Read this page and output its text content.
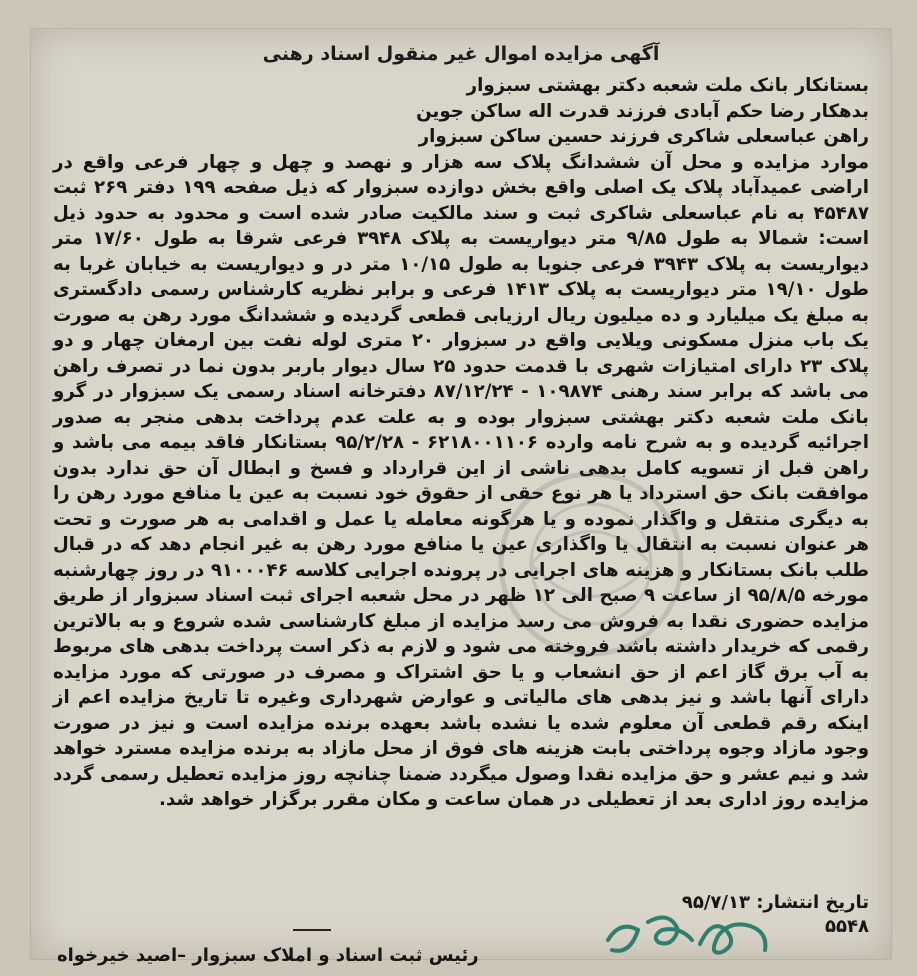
آگهی مزایده اموال غیر منقول اسناد رهنی

بستانکار بانک ملت شعبه دکتر بهشتی سبزوار

بدهکار رضا حکم آبادی فرزند قدرت اله ساکن جوین

راهن عباسعلی شاکری فرزند حسین ساکن سبزوار

موارد مزایده و محل آن ششدانگ پلاک سه هزار و نهصد و چهل و چهار فرعی واقع در اراضی عمیدآباد پلاک یک اصلی واقع بخش دوازده سبزوار که ذیل صفحه ۱۹۹ دفتر ۲۶۹ ثبت ۴۵۴۸۷ به نام عباسعلی شاکری ثبت و سند مالکیت صادر شده است و محدود به حدود ذیل است: شمالا به طول ۹/۸۵ متر دیواریست به پلاک ۳۹۴۸ فرعی شرقا به طول ۱۷/۶۰ متر دیواریست به پلاک ۳۹۴۳ فرعی جنوبا به طول ۱۰/۱۵ متر در و دیواریست به خیابان غربا به طول ۱۹/۱۰ متر دیواریست به پلاک ۱۴۱۳ فرعی و برابر نظریه کارشناس رسمی دادگستری به مبلغ یک میلیارد و ده میلیون ریال ارزیابی قطعی گردیده و ششدانگ مورد رهن به صورت یک باب منزل مسکونی ویلایی واقع در سبزوار ۲۰ متری لوله نفت بین ارمغان چهار و دو پلاک ۲۳ دارای امتیازات شهری با قدمت حدود ۲۵ سال دیوار باربر بدون نما در تصرف راهن می باشد که برابر سند رهنی ۱۰۹۸۷۴ - ۸۷/۱۲/۲۴ دفترخانه اسناد رسمی یک سبزوار در گرو بانک ملت شعبه دکتر بهشتی سبزوار بوده و به علت عدم پرداخت بدهی منجر به صدور اجرائیه گردیده و به شرح نامه وارده ۶۲۱۸۰۰۱۱۰۶ - ۹۵/۲/۲۸ بستانکار فاقد بیمه می باشد و راهن قبل از تسویه کامل بدهی ناشی از این قرارداد و فسخ و ابطال آن حق ندارد بدون موافقت بانک حق استرداد یا هر نوع حقی از حقوق خود نسبت به عین یا منافع مورد رهن را به دیگری منتقل و واگذار نموده و یا هرگونه معامله یا عمل و اقدامی به هر صورت و تحت هر عنوان نسبت به انتقال یا واگذاری عین یا منافع مورد رهن به غیر انجام دهد که در قبال طلب بانک بستانکار و هزینه های اجرایی در پرونده اجرایی کلاسه ۹۱۰۰۰۴۶ در روز چهارشنبه مورخه ۹۵/۸/۵ از ساعت ۹ صبح الی ۱۲ ظهر در محل شعبه اجرای ثبت اسناد سبزوار از طریق مزایده حضوری نقدا به فروش می رسد مزایده از مبلغ کارشناسی شده شروع و به بالاترین رقمی که خریدار داشته باشد فروخته می شود و لازم به ذکر است پرداخت بدهی های مربوط به آب برق گاز اعم از حق انشعاب و یا حق اشتراک و مصرف در صورتی که مورد مزایده دارای آنها باشد و نیز بدهی های مالیاتی و عوارض شهرداری وغیره تا تاریخ مزایده اعم از اینکه رقم قطعی آن معلوم شده یا نشده باشد بعهده برنده مزایده است و نیز در صورت وجود مازاد وجوه پرداختی بابت هزینه های فوق از محل مازاد به برنده مزایده مسترد خواهد شد و نیم عشر و حق مزایده نقدا وصول میگردد ضمنا چنانچه روز مزایده تعطیل رسمی گردد مزایده روز اداری بعد از تعطیلی در همان ساعت و مکان مقرر برگزار خواهد شد.

تاریخ انتشار: ۹۵/۷/۱۳
۵۵۴۸
رئیس ثبت اسناد و املاک سبزوار –اصید خیرخواه
